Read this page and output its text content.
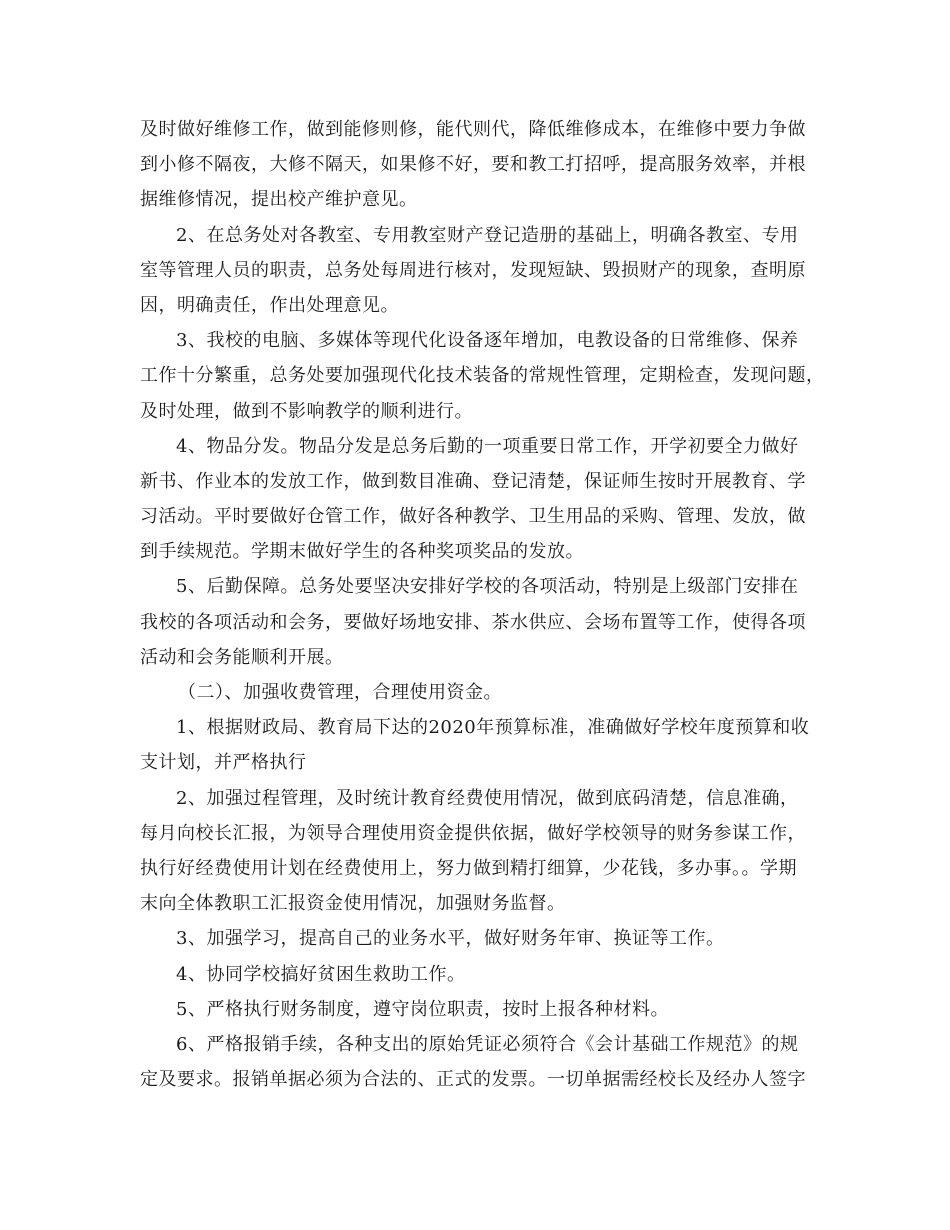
及时做好维修工作，做到能修则修，能代则代，降低维修成本，在维修中要力争做
到小修不隔夜，大修不隔天，如果修不好，要和教工打招呼，提高服务效率，并根
据维修情况，提出校产维护意见。
2、在总务处对各教室、专用教室财产登记造册的基础上，明确各教室、专用
室等管理人员的职责，总务处每周进行核对，发现短缺、毁损财产的现象，查明原
因，明确责任，作出处理意见。
3、我校的电脑、多媒体等现代化设备逐年增加，电教设备的日常维修、保养
工作十分繁重，总务处要加强现代化技术装备的常规性管理，定期检查，发现问题，
及时处理，做到不影响教学的顺利进行。
4、物品分发。物品分发是总务后勤的一项重要日常工作，开学初要全力做好
新书、作业本的发放工作，做到数目准确、登记清楚，保证师生按时开展教育、学
习活动。平时要做好仓管工作，做好各种教学、卫生用品的采购、管理、发放，做
到手续规范。学期末做好学生的各种奖项奖品的发放。
5、后勤保障。总务处要坚决安排好学校的各项活动，特别是上级部门安排在
我校的各项活动和会务，要做好场地安排、茶水供应、会场布置等工作，使得各项
活动和会务能顺利开展。
（二）、加强收费管理，合理使用资金。
1、根据财政局、教育局下达的2020年预算标准，准确做好学校年度预算和收
支计划，并严格执行
2、加强过程管理，及时统计教育经费使用情况，做到底码清楚，信息准确，
每月向校长汇报，为领导合理使用资金提供依据，做好学校领导的财务参谋工作，
执行好经费使用计划在经费使用上，努力做到精打细算，少花钱，多办事。。学期
末向全体教职工汇报资金使用情况，加强财务监督。
3、加强学习，提高自己的业务水平，做好财务年审、换证等工作。
4、协同学校搞好贫困生救助工作。
5、严格执行财务制度，遵守岗位职责，按时上报各种材料。
6、严格报销手续，各种支出的原始凭证必须符合《会计基础工作规范》的规
定及要求。报销单据必须为合法的、正式的发票。一切单据需经校长及经办人签字
